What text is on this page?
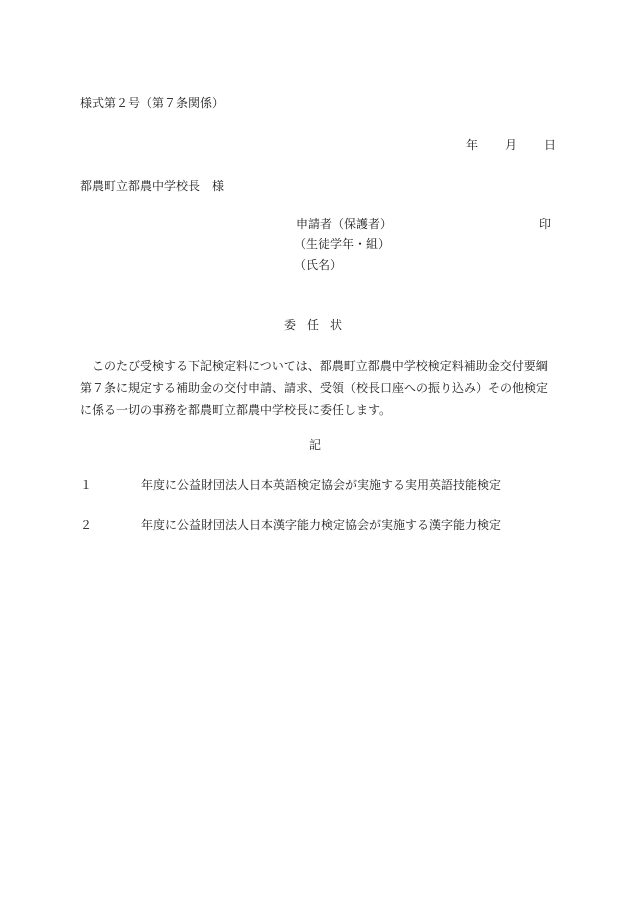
様式第２号（第７条関係）
年 月 日
都農町立都農中学校長　様
申請者（保護者）	印
（生徒学年・組）
（氏名）
委任状

このたび受検する下記検定料については、都農町立都農中学校検定料補助金交付要綱

第７条に規定する補助金の交付申請、請求、受領（校長口座への振り込み）その他検定

に係る一切の事務を都農町立都農中学校長に委任します。

記
１	年度に公益財団法人日本英語検定協会が実施する実用英語技能検定
２	年度に公益財団法人日本漢字能力検定協会が実施する漢字能力検定
